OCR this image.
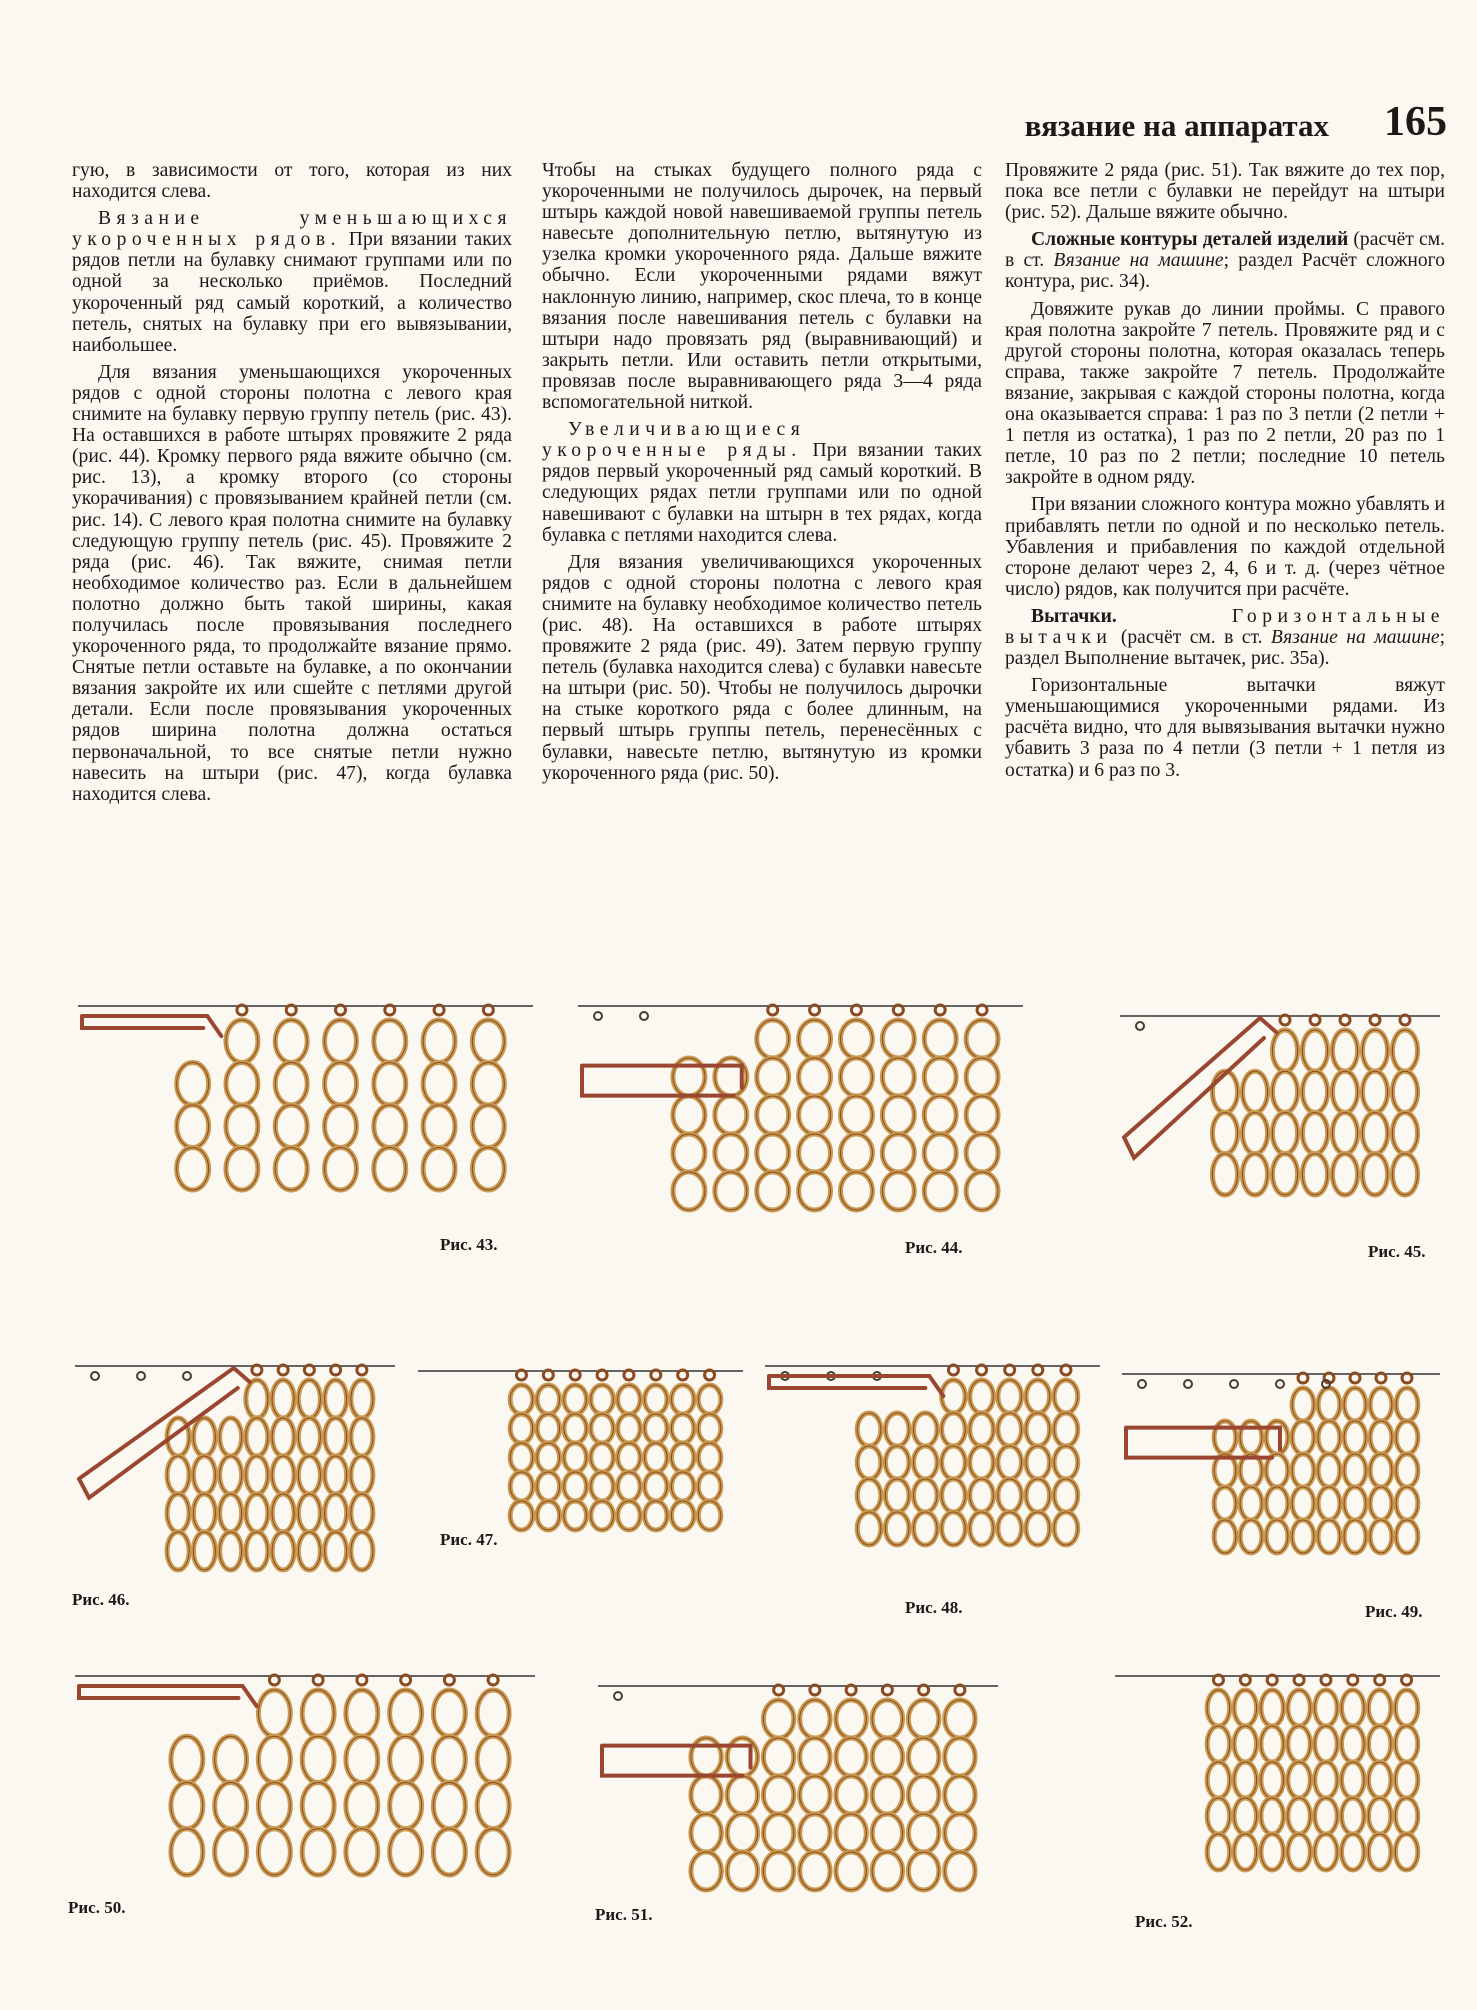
вязание на аппаратах 165

гую, в зависимости от того, которая из них находится слева.

Вязание уменьшающихся укороченных рядов. При вязании таких рядов петли на булавку снимают группами или по одной за несколько приёмов. Последний укороченный ряд самый короткий, а количество петель, снятых на булавку при его вывязывании, наибольшее.

Для вязания уменьшающихся укороченных рядов с одной стороны полотна с левого края снимите на булавку первую группу петель (рис. 43). На оставшихся в работе штырях провяжите 2 ряда (рис. 44). Кромку первого ряда вяжите обычно (см. рис. 13), а кромку второго (со стороны укорачивания) с провязыванием крайней петли (см. рис. 14). С левого края полотна снимите на булавку следующую группу петель (рис. 45). Провяжите 2 ряда (рис. 46). Так вяжите, снимая петли необходимое количество раз. Если в дальнейшем полотно должно быть такой ширины, какая получилась после провязывания последнего укороченного ряда, то продолжайте вязание прямо. Снятые петли оставьте на булавке, а по окончании вязания закройте их или сшейте с петлями другой детали. Если после провязывания укороченных рядов ширина полотна должна остаться первоначальной, то все снятые петли нужно навесить на штыри (рис. 47), когда булавка находится слева.

Чтобы на стыках будущего полного ряда с укороченными не получилось дырочек, на первый штырь каждой новой навешиваемой группы петель навесьте дополнительную петлю, вытянутую из узелка кромки укороченного ряда. Дальше вяжите обычно. Если укороченными рядами вяжут наклонную линию, например, скос плеча, то в конце вязания после навешивания петель с булавки на штыри надо провязать ряд (выравнивающий) и закрыть петли. Или оставить петли открытыми, провязав после выравнивающего ряда 3—4 ряда вспомогательной ниткой.

Увеличивающиеся укороченные ряды. При вязании таких рядов первый укороченный ряд самый короткий. В следующих рядах петли группами или по одной навешивают с булавки на штырн в тех рядах, когда булавка с петлями находится слева.

Для вязания увеличивающихся укороченных рядов с одной стороны полотна с левого края снимите на булавку необходимое количество петель (рис. 48). На оставшихся в работе штырях провяжите 2 ряда (рис. 49). Затем первую группу петель (булавка находится слева) с булавки навесьте на штыри (рис. 50). Чтобы не получилось дырочки на стыке короткого ряда с более длинным, на первый штырь группы петель, перенесённых с булавки, навесьте петлю, вытянутую из кромки укороченного ряда (рис. 50).

Провяжите 2 ряда (рис. 51). Так вяжите до тех пор, пока все петли с булавки не перейдут на штыри (рис. 52). Дальше вяжите обычно.

Сложные контуры деталей изделий (расчёт см. в ст. Вязание на машине; раздел Расчёт сложного контура, рис. 34).

Довяжите рукав до линии проймы. С правого края полотна закройте 7 петель. Провяжите ряд и с другой стороны полотна, которая оказалась теперь справа, также закройте 7 петель. Продолжайте вязание, закрывая с каждой стороны полотна, когда она оказывается справа: 1 раз по 3 петли (2 петли + 1 петля из остатка), 1 раз по 2 петли, 20 раз по 1 петле, 10 раз по 2 петли; последние 10 петель закройте в одном ряду.

При вязании сложного контура можно убавлять и прибавлять петли по одной и по несколько петель. Убавления и прибавления по каждой отдельной стороне делают через 2, 4, 6 и т. д. (через чётное число) рядов, как получится при расчёте.

Вытачки. Горизонтальные вытачки (расчёт см. в ст. Вязание на машине; раздел Выполнение вытачек, рис. 35а).

Горизонтальные вытачки вяжут уменьшающимися укороченными рядами. Из расчёта видно, что для вывязывания вытачки нужно убавить 3 раза по 4 петли (3 петли + 1 петля из остатка) и 6 раз по 3.

Рис. 43.	Рис. 44.	Рис. 45.
Рис. 46.
Рис. 47.
Рис. 48.	Рис. 49.
Рис. 50.	Рис. 51.	Рис. 52.
